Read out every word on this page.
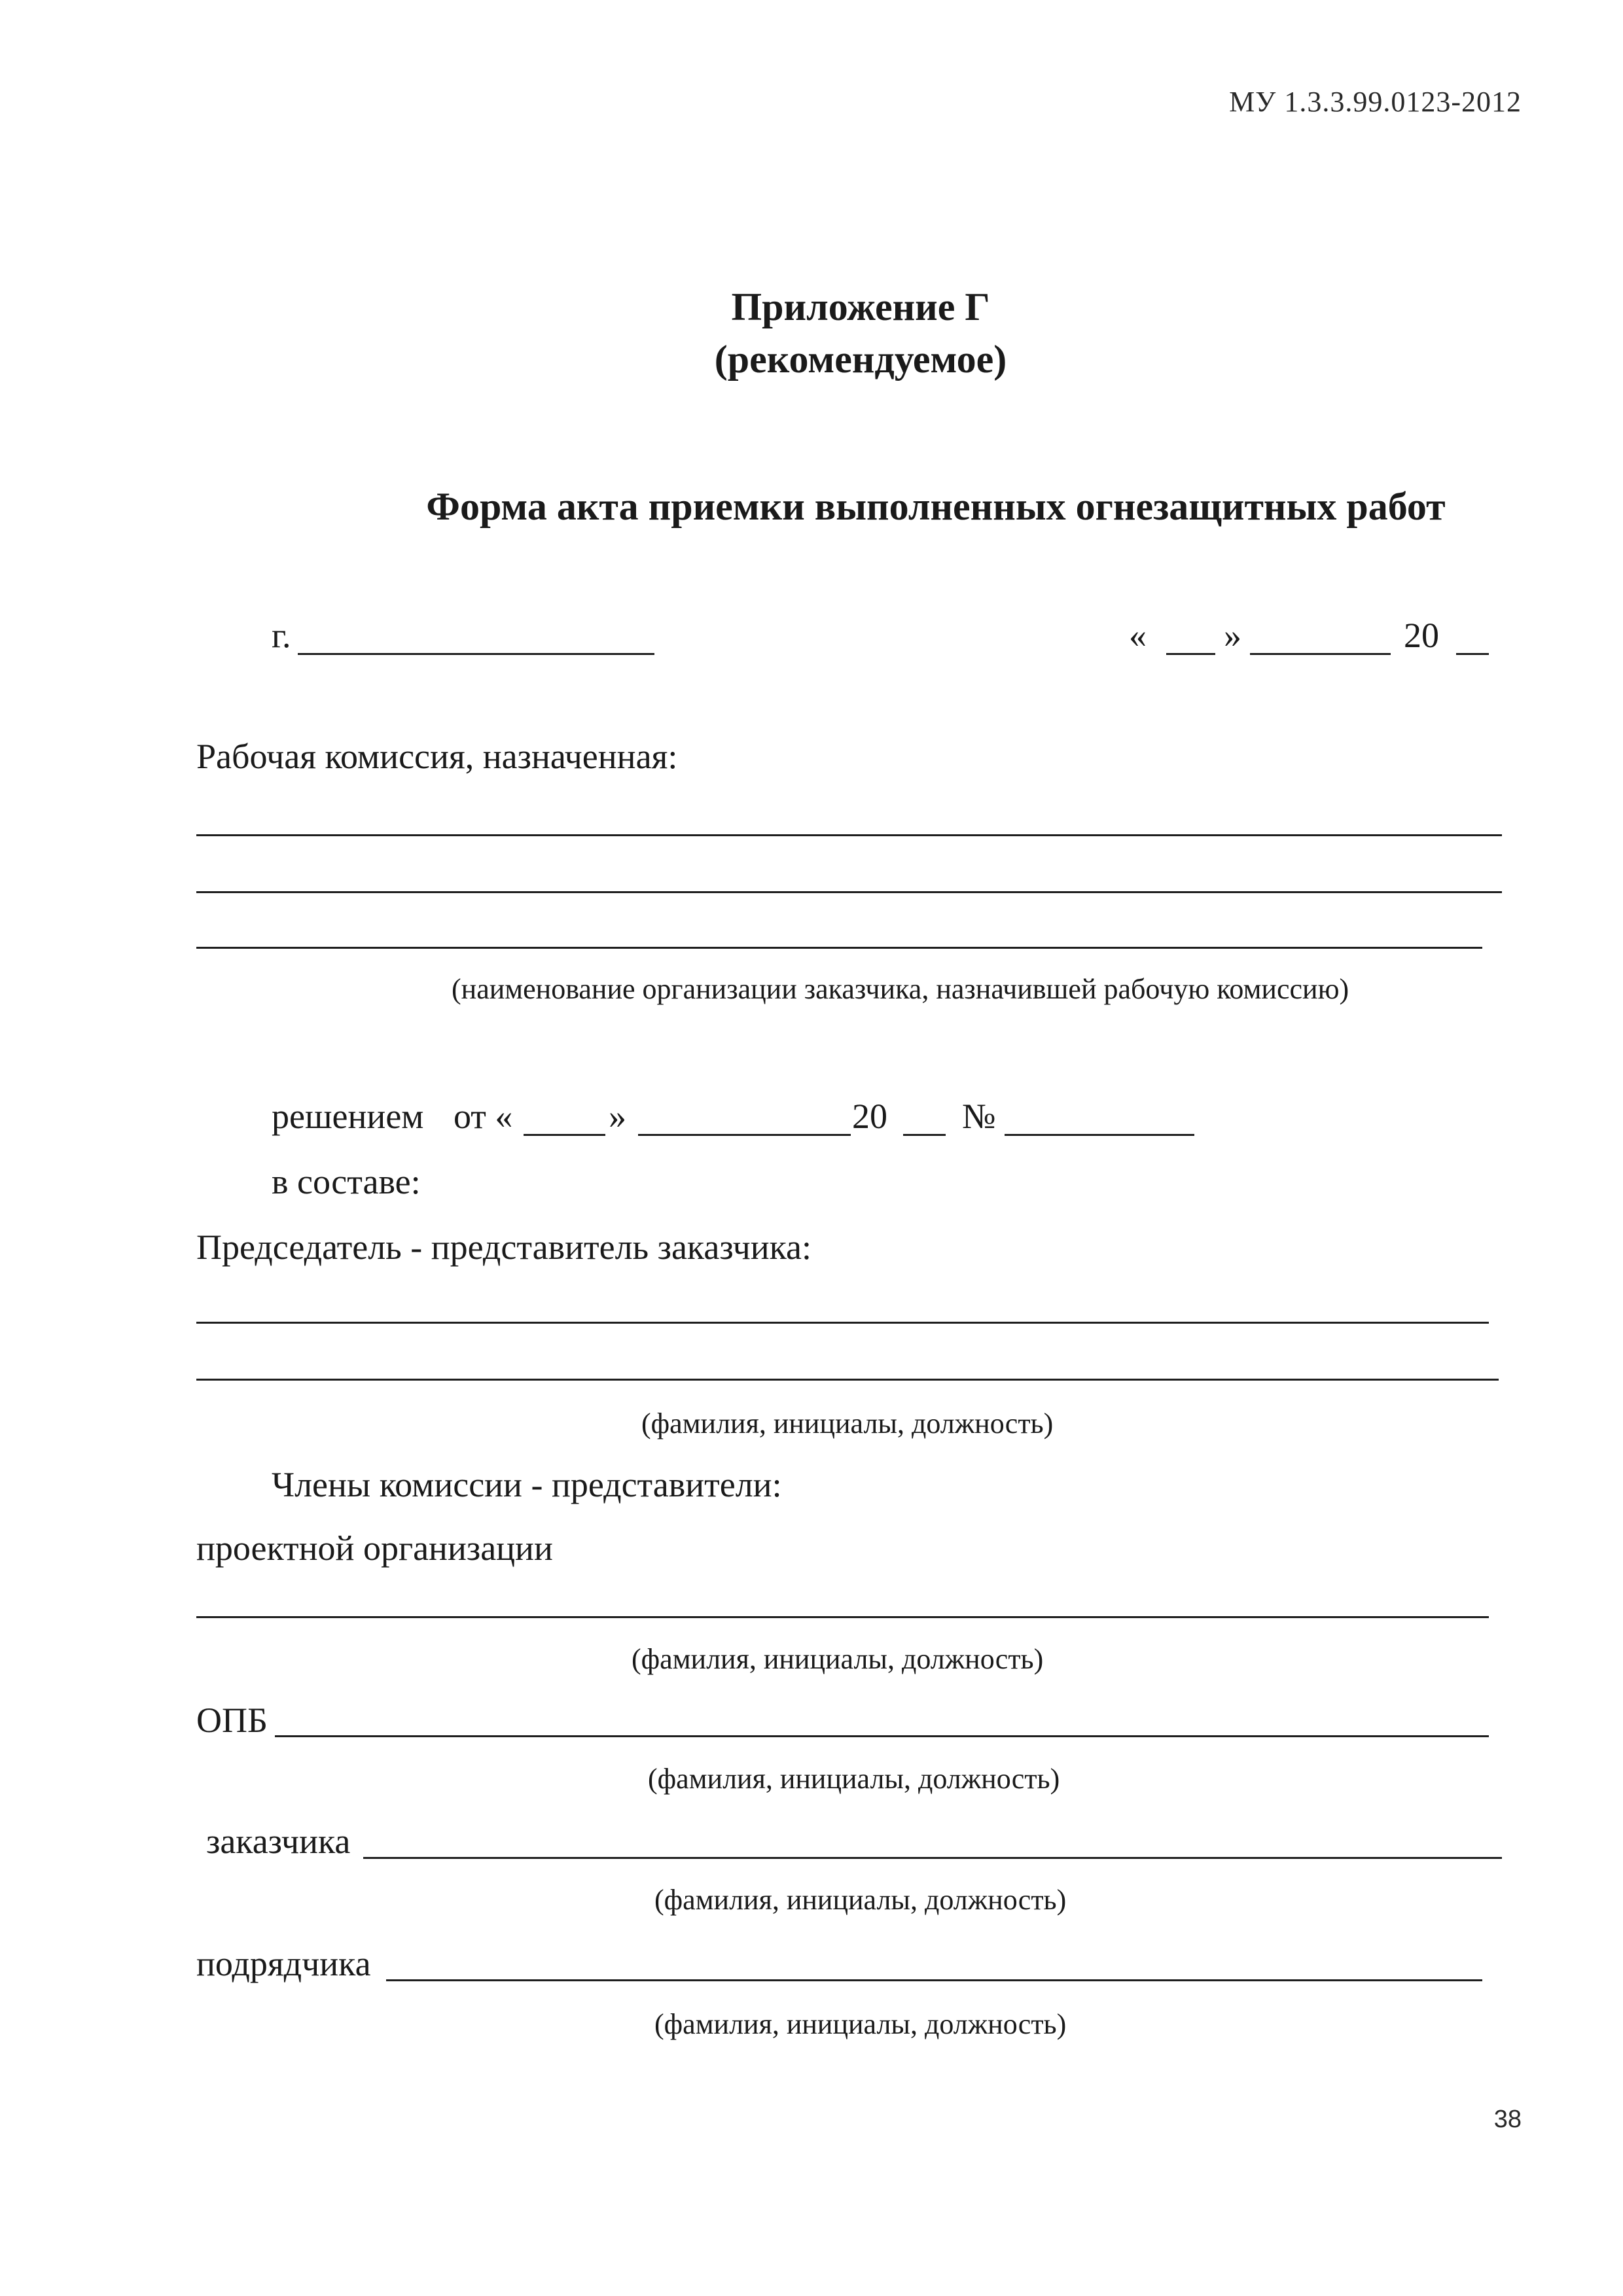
МУ 1.3.3.99.0123-2012
Приложение Г
(рекомендуемое)
Форма акта приемки выполненных огнезащитных работ
г.	« »	20
Рабочая комиссия, назначенная:
(наименование организации заказчика, назначившей рабочую комиссию)
решением от «	»	20 №
в составе:
Председатель - представитель заказчика:
(фамилия, инициалы, должность)
Члены комиссии - представители:
проектной организации
(фамилия, инициалы, должность)
ОПБ
(фамилия, инициалы, должность)
заказчика
(фамилия, инициалы, должность)
подрядчика
(фамилия, инициалы, должность)
38
